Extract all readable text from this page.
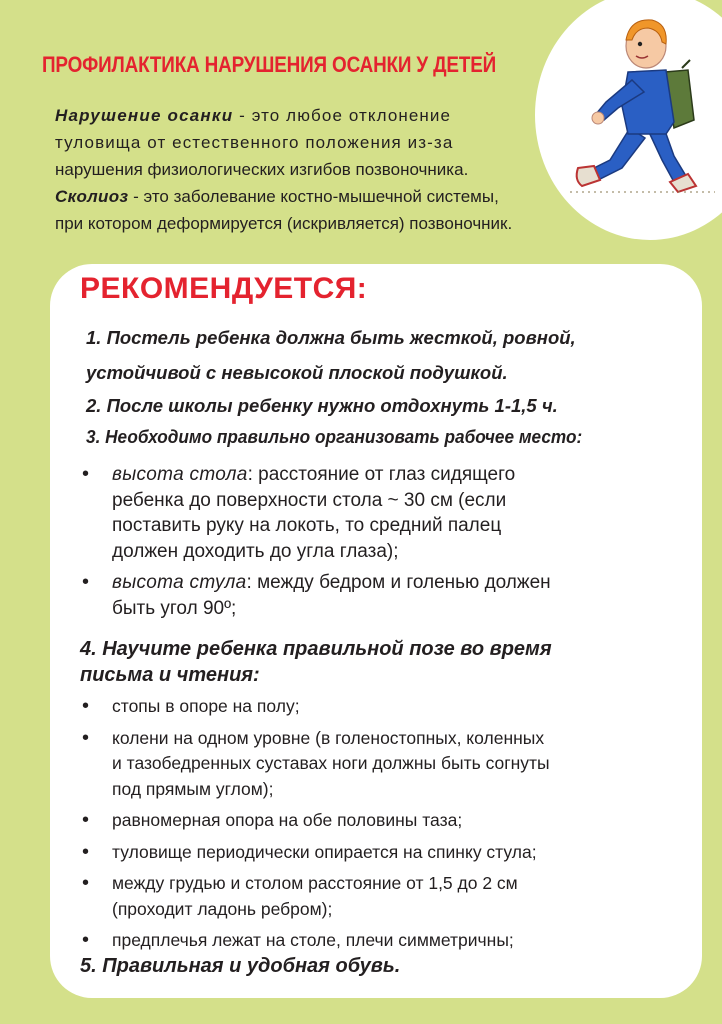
ПРОФИЛАКТИКА НАРУШЕНИЯ ОСАНКИ У ДЕТЕЙ
Нарушение осанки - это любое отклонение
туловища от естественного положения из-за
нарушения физиологических изгибов позвоночника.
Сколиоз - это заболевание костно-мышечной системы,
при котором деформируется (искривляется) позвоночник.
РЕКОМЕНДУЕТСЯ:
1. Постель ребенка должна быть жесткой, ровной,
устойчивой с невысокой плоской подушкой.
2. После школы ребенку нужно отдохнуть 1-1,5 ч.
3. Необходимо правильно организовать рабочее место:
• высота стола: расстояние от глаз сидящего
ребенка до поверхности стола ~ 30 см (если
поставить руку на локоть, то средний палец
должен доходить до угла глаза);
• высота стула: между бедром и голенью должен
быть угол 90º;
4. Научите ребенка правильной позе во время
письма и чтения:
• стопы в опоре на полу;
• колени на одном уровне (в голеностопных, коленных
и тазобедренных суставах ноги должны быть согнуты
под прямым углом);
• равномерная опора на обе половины таза;
• туловище периодически опирается на спинку стула;
• между грудью и столом расстояние от 1,5 до 2 см
(проходит ладонь ребром);
• предплечья лежат на столе, плечи симметричны;
5. Правильная и удобная обувь.
